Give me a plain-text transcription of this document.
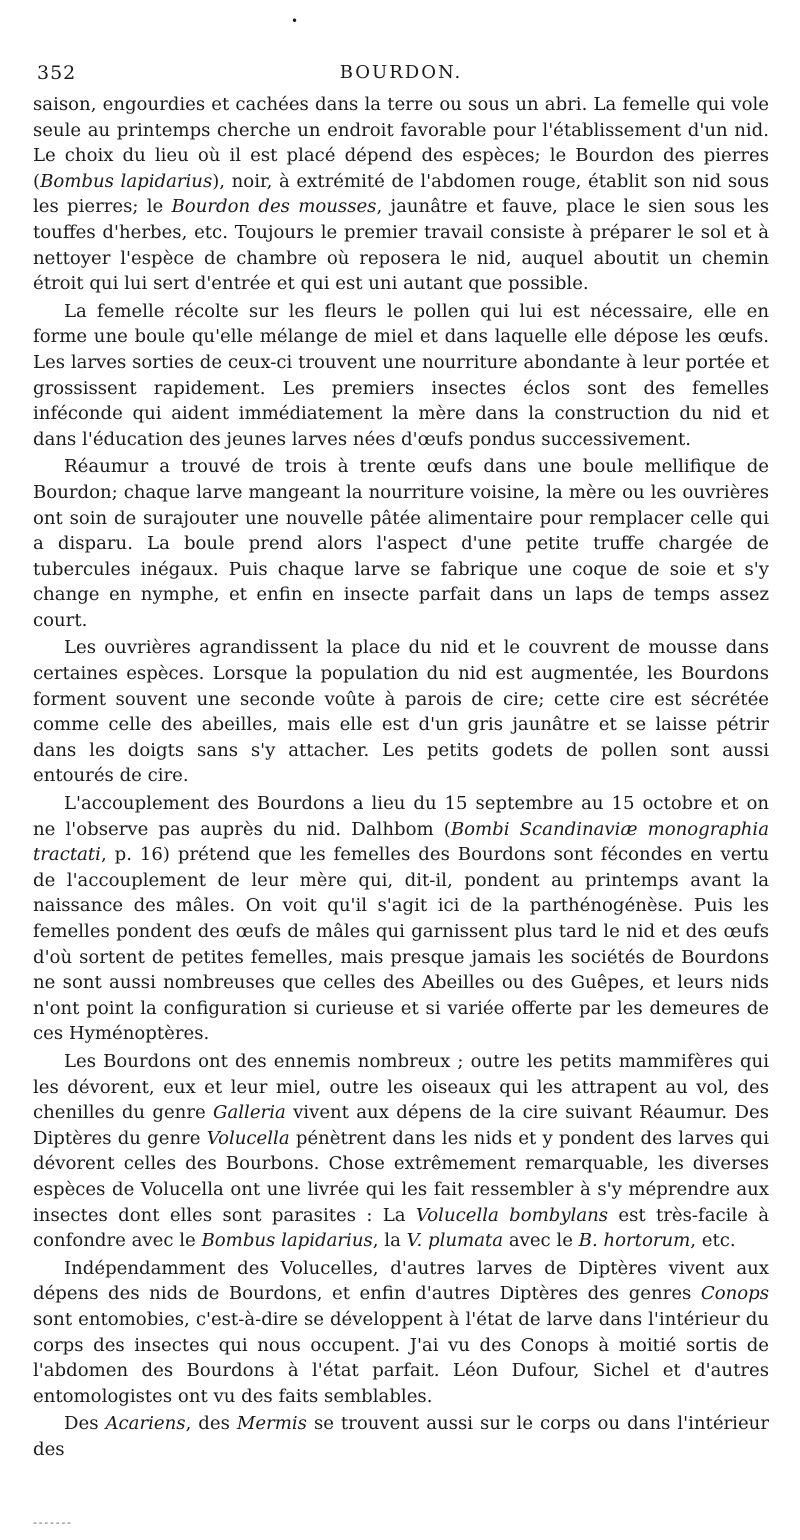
•
352	BOURDON.

saison, engourdies et cachées dans la terre ou sous un abri. La femelle qui vole seule au printemps cherche un endroit favorable pour l'établissement d'un nid. Le choix du lieu où il est placé dépend des espèces; le Bourdon des pierres (Bombus lapidarius), noir, à extrémité de l'abdomen rouge, établit son nid sous les pierres; le Bourdon des mousses, jaunâtre et fauve, place le sien sous les touffes d'herbes, etc. Toujours le premier travail consiste à préparer le sol et à nettoyer l'espèce de chambre où reposera le nid, auquel aboutit un chemin étroit qui lui sert d'entrée et qui est uni autant que possible.

La femelle récolte sur les fleurs le pollen qui lui est nécessaire, elle en forme une boule qu'elle mélange de miel et dans laquelle elle dépose les œufs. Les larves sorties de ceux-ci trouvent une nourriture abondante à leur portée et grossissent rapidement. Les premiers insectes éclos sont des femelles inféconde qui aident immédiatement la mère dans la construction du nid et dans l'éducation des jeunes larves nées d'œufs pondus successivement.

Réaumur a trouvé de trois à trente œufs dans une boule mellifique de Bourdon; chaque larve mangeant la nourriture voisine, la mère ou les ouvrières ont soin de surajouter une nouvelle pâtée alimentaire pour remplacer celle qui a disparu. La boule prend alors l'aspect d'une petite truffe chargée de tubercules inégaux. Puis chaque larve se fabrique une coque de soie et s'y change en nymphe, et enfin en insecte parfait dans un laps de temps assez court.

Les ouvrières agrandissent la place du nid et le couvrent de mousse dans certaines espèces. Lorsque la population du nid est augmentée, les Bourdons forment souvent une seconde voûte à parois de cire; cette cire est sécrétée comme celle des abeilles, mais elle est d'un gris jaunâtre et se laisse pétrir dans les doigts sans s'y attacher. Les petits godets de pollen sont aussi entourés de cire.

L'accouplement des Bourdons a lieu du 15 septembre au 15 octobre et on ne l'observe pas auprès du nid. Dalhbom (Bombi Scandinaviæ monographia tractati, p. 16) prétend que les femelles des Bourdons sont fécondes en vertu de l'accouplement de leur mère qui, dit-il, pondent au printemps avant la naissance des mâles. On voit qu'il s'agit ici de la parthénogénèse. Puis les femelles pondent des œufs de mâles qui garnissent plus tard le nid et des œufs d'où sortent de petites femelles, mais presque jamais les sociétés de Bourdons ne sont aussi nombreuses que celles des Abeilles ou des Guêpes, et leurs nids n'ont point la configuration si curieuse et si variée offerte par les demeures de ces Hyménoptères.

Les Bourdons ont des ennemis nombreux ; outre les petits mammifères qui les dévorent, eux et leur miel, outre les oiseaux qui les attrapent au vol, des chenilles du genre Galleria vivent aux dépens de la cire suivant Réaumur. Des Diptères du genre Volucella pénètrent dans les nids et y pondent des larves qui dévorent celles des Bourbons. Chose extrêmement remarquable, les diverses espèces de Volucella ont une livrée qui les fait ressembler à s'y méprendre aux insectes dont elles sont parasites : La Volucella bombylans est très-facile à confondre avec le Bombus lapidarius, la V. plumata avec le B. hortorum, etc.

Indépendamment des Volucelles, d'autres larves de Diptères vivent aux dépens des nids de Bourdons, et enfin d'autres Diptères des genres Conops sont entomobies, c'est-à-dire se développent à l'état de larve dans l'intérieur du corps des insectes qui nous occupent. J'ai vu des Conops à moitié sortis de l'abdomen des Bourdons à l'état parfait. Léon Dufour, Sichel et d'autres entomologistes ont vu des faits semblables.

Des Acariens, des Mermis se trouvent aussi sur le corps ou dans l'intérieur des

-------
